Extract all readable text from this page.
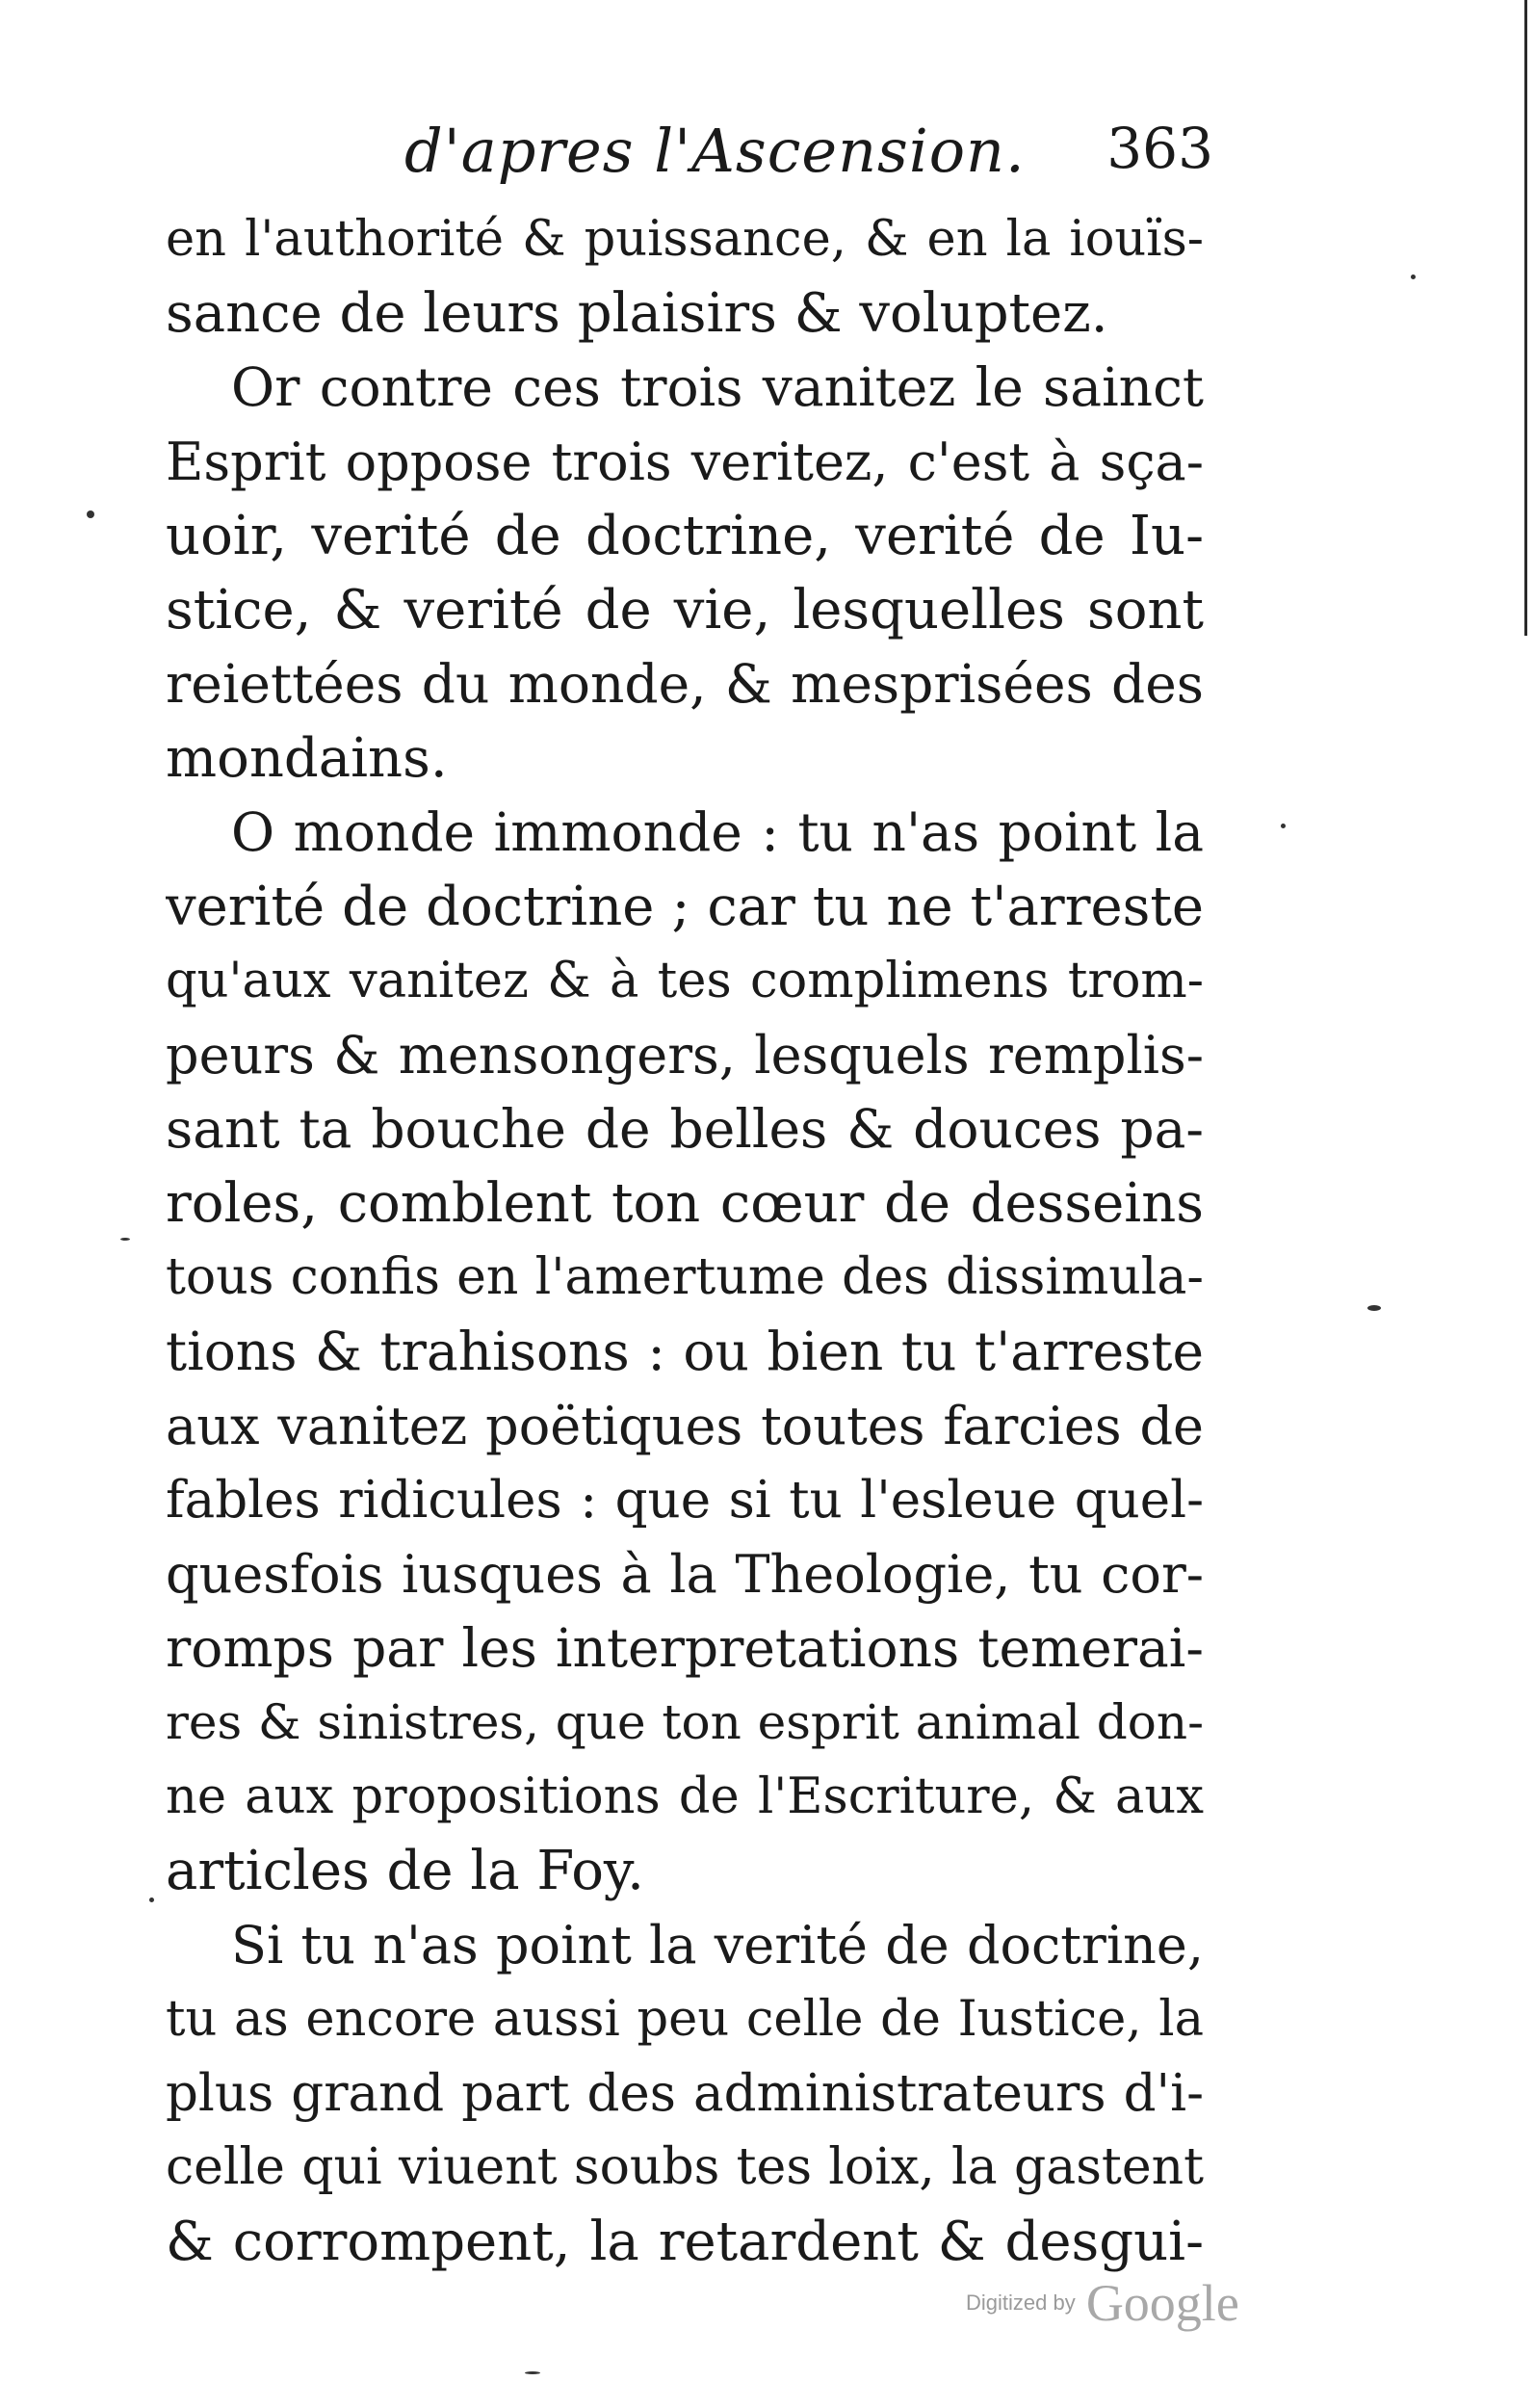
d'apres l'Ascension. 363
en l'authorité & puissance, & en la iouïs-
sance de leurs plaisirs & voluptez.
Or contre ces trois vanitez le sainct
Esprit oppose trois veritez, c'est à sça-
uoir, verité de doctrine, verité de Iu-
stice, & verité de vie, lesquelles sont
reiettées du monde, & mesprisées des
mondains.
O monde immonde : tu n'as point la
verité de doctrine ; car tu ne t'arreste
qu'aux vanitez & à tes complimens trom-
peurs & mensongers, lesquels remplis-
sant ta bouche de belles & douces pa-
roles, comblent ton cœur de desseins
tous confis en l'amertume des dissimula-
tions & trahisons : ou bien tu t'arreste
aux vanitez poëtiques toutes farcies de
fables ridicules : que si tu l'esleue quel-
quesfois iusques à la Theologie, tu cor-
romps par les interpretations temerai-
res & sinistres, que ton esprit animal don-
ne aux propositions de l'Escriture, & aux
articles de la Foy.
Si tu n'as point la verité de doctrine,
tu as encore aussi peu celle de Iustice, la
plus grand part des administrateurs d'i-
celle qui viuent soubs tes loix, la gastent
& corrompent, la retardent & desgui-
Digitized by Google
